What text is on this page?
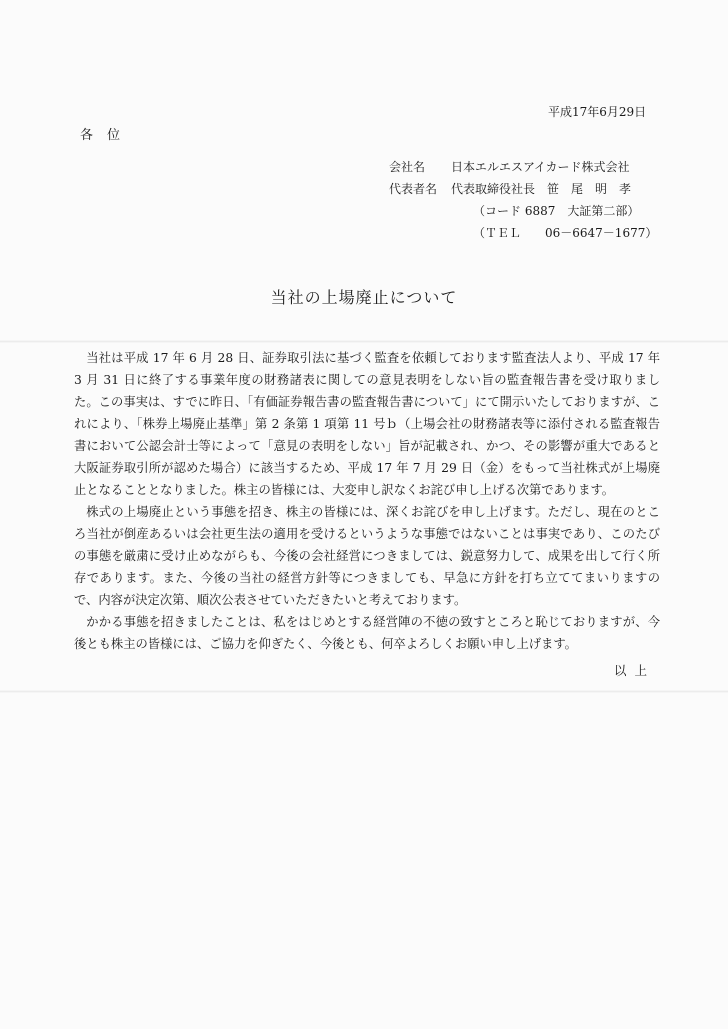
平成17年6月29日
各位
会社名 日本エルエスアイカード株式会社
代表者名 代表取締役社長　笹　尾　明　孝
（コード 6887　大証第二部）
（ＴＥＬ　　06－6647－1677）
当社の上場廃止について

当社は平成 17 年 6 月 28 日、証券取引法に基づく監査を依頼しております監査法人より、平成 17 年 3 月 31 日に終了する事業年度の財務諸表に関しての意見表明をしない旨の監査報告書を受け取りました。この事実は、すでに昨日、「有価証券報告書の監査報告書について」にて開示いたしておりますが、これにより、「株券上場廃止基準」第 2 条第 1 項第 11 号ｂ（上場会社の財務諸表等に添付される監査報告書において公認会計士等によって「意見の表明をしない」旨が記載され、かつ、その影響が重大であると大阪証券取引所が認めた場合）に該当するため、平成 17 年 7 月 29 日（金）をもって当社株式が上場廃止となることとなりました。株主の皆様には、大変申し訳なくお詫び申し上げる次第であります。

株式の上場廃止という事態を招き、株主の皆様には、深くお詫びを申し上げます。ただし、現在のところ当社が倒産あるいは会社更生法の適用を受けるというような事態ではないことは事実であり、このたびの事態を厳粛に受け止めながらも、今後の会社経営につきましては、鋭意努力して、成果を出して行く所存であります。また、今後の当社の経営方針等につきましても、早急に方針を打ち立ててまいりますので、内容が決定次第、順次公表させていただきたいと考えております。

かかる事態を招きましたことは、私をはじめとする経営陣の不徳の致すところと恥じておりますが、今後とも株主の皆様には、ご協力を仰ぎたく、今後とも、何卒よろしくお願い申し上げます。

以上
